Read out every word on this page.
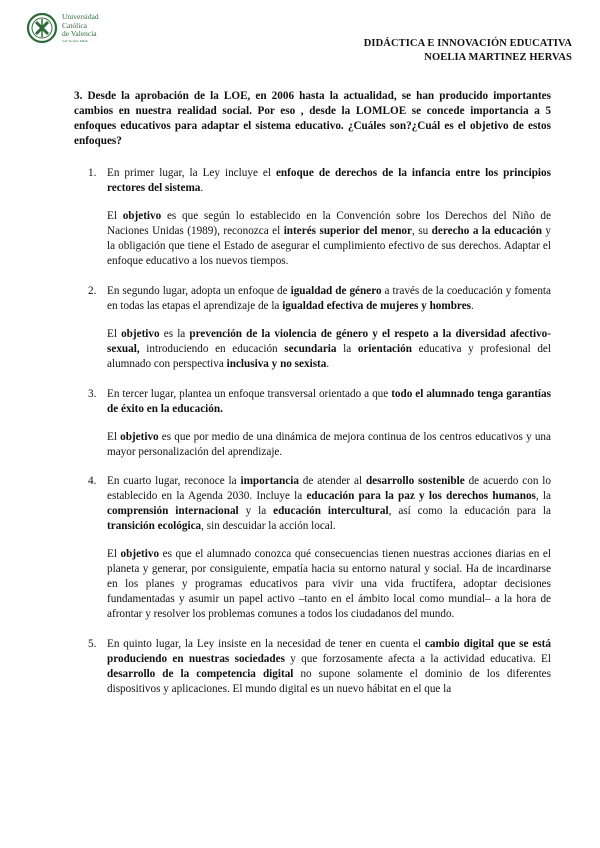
Universidad
Católica
de Valencia
San Vicente Mártir	DIDÁCTICA E INNOVACIÓN EDUCATIVA
NOELIA MARTINEZ HERVAS
3. Desde la aprobación de la LOE, en 2006 hasta la actualidad, se han producido importantes cambios en nuestra realidad social. Por eso , desde la LOMLOE se concede importancia a 5 enfoques educativos para adaptar el sistema educativo. ¿Cuáles son?¿Cuál es el objetivo de estos enfoques?
1. En primer lugar, la Ley incluye el enfoque de derechos de la infancia entre los principios rectores del sistema.
El objetivo es que según lo establecido en la Convención sobre los Derechos del Niño de Naciones Unidas (1989), reconozca el interés superior del menor, su derecho a la educación y la obligación que tiene el Estado de asegurar el cumplimiento efectivo de sus derechos. Adaptar el enfoque educativo a los nuevos tiempos.
2. En segundo lugar, adopta un enfoque de igualdad de género a través de la coeducación y fomenta en todas las etapas el aprendizaje de la igualdad efectiva de mujeres y hombres.
El objetivo es la prevención de la violencia de género y el respeto a la diversidad afectivo-sexual, introduciendo en educación secundaria la orientación educativa y profesional del alumnado con perspectiva inclusiva y no sexista.
3. En tercer lugar, plantea un enfoque transversal orientado a que todo el alumnado tenga garantías de éxito en la educación.
El objetivo es que por medio de una dinámica de mejora continua de los centros educativos y una mayor personalización del aprendizaje.
4. En cuarto lugar, reconoce la importancia de atender al desarrollo sostenible de acuerdo con lo establecido en la Agenda 2030. Incluye la educación para la paz y los derechos humanos, la comprensión internacional y la educación intercultural, así como la educación para la transición ecológica, sin descuidar la acción local.
El objetivo es que el alumnado conozca qué consecuencias tienen nuestras acciones diarias en el planeta y generar, por consiguiente, empatía hacia su entorno natural y social. Ha de incardinarse en los planes y programas educativos para vivir una vida fructífera, adoptar decisiones fundamentadas y asumir un papel activo –tanto en el ámbito local como mundial– a la hora de afrontar y resolver los problemas comunes a todos los ciudadanos del mundo.
5. En quinto lugar, la Ley insiste en la necesidad de tener en cuenta el cambio digital que se está produciendo en nuestras sociedades y que forzosamente afecta a la actividad educativa. El desarrollo de la competencia digital no supone solamente el dominio de los diferentes dispositivos y aplicaciones. El mundo digital es un nuevo hábitat en el que la
